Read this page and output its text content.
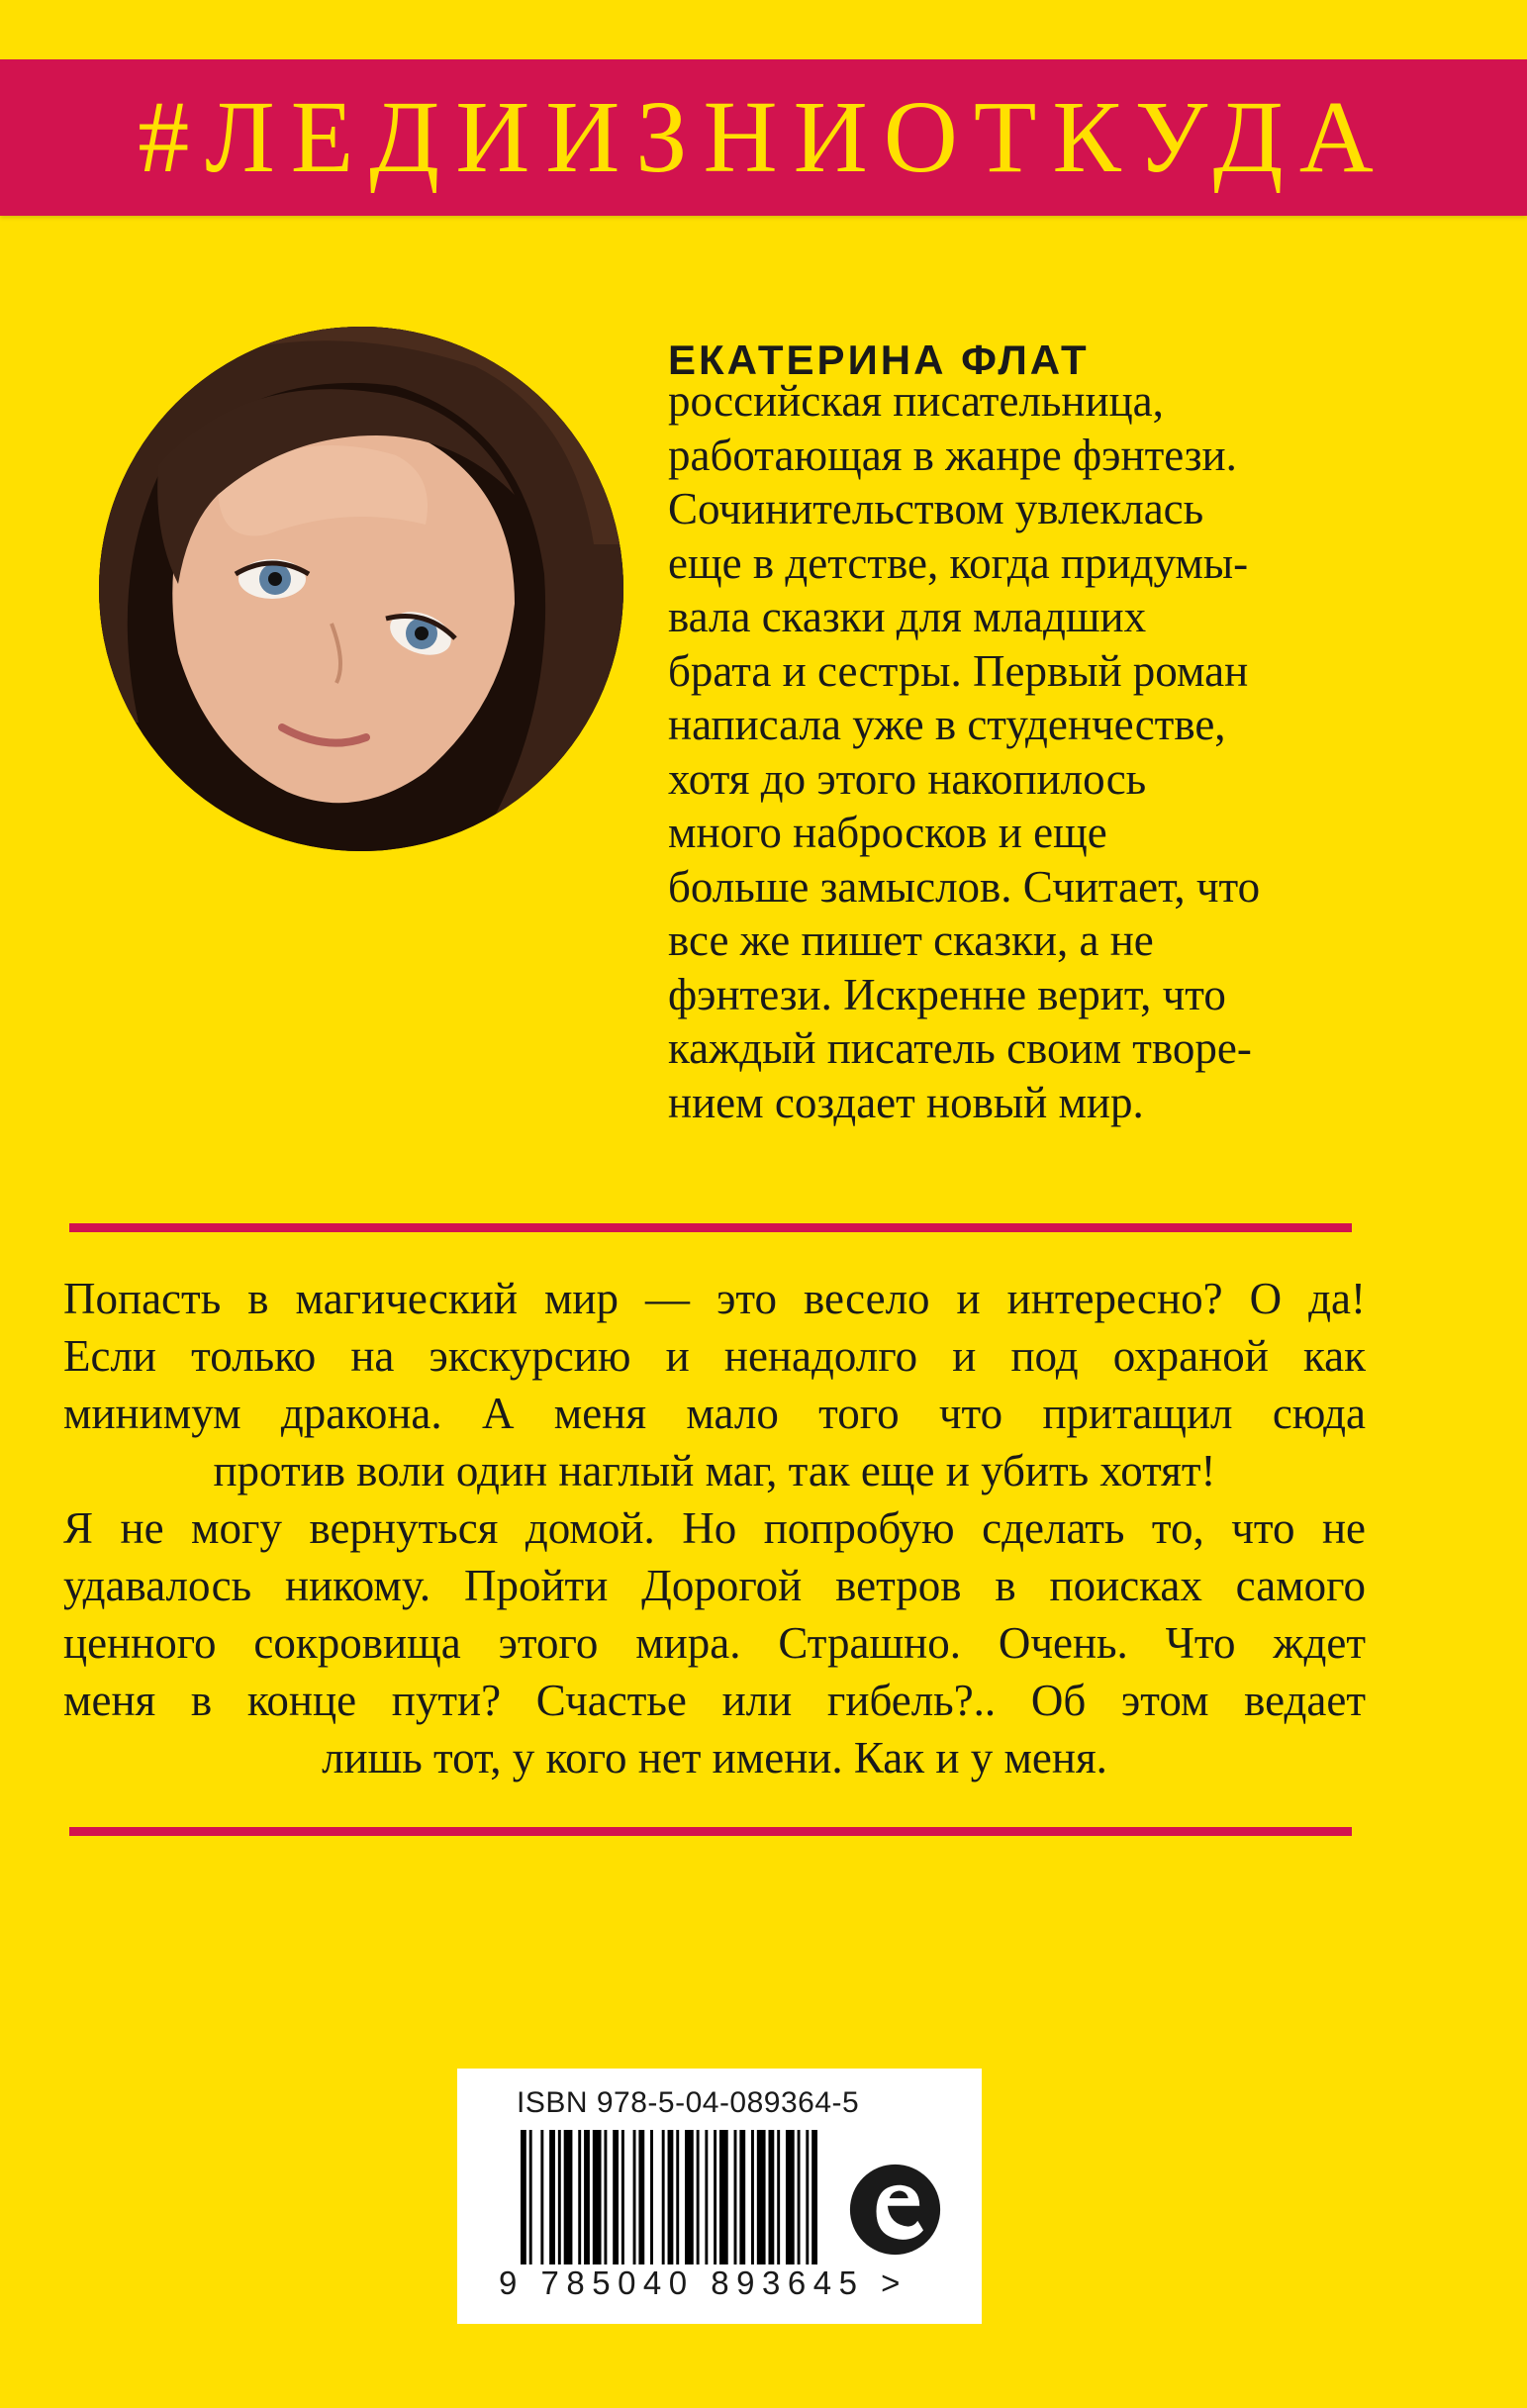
#ЛЕДИИЗНИОТКУДА
ЕКАТЕРИНА ФЛАТ
российская писательница,
работающая в жанре фэнтези.
Сочинительством увлеклась
еще в детстве, когда придумы-
вала сказки для младших
брата и сестры. Первый роман
написала уже в студенчестве,
хотя до этого накопилось
много набросков и еще
больше замыслов. Считает, что
все же пишет сказки, а не
фэнтези. Искренне верит, что
каждый писатель своим творе-
нием создает новый мир.
Попасть в магический мир — это весело и интересно? О да!
Если только на экскурсию и ненадолго и под охраной как
минимум дракона. А меня мало того что притащил сюда
против воли один наглый маг, так еще и убить хотят!
Я не могу вернуться домой. Но попробую сделать то, что не
удавалось никому. Пройти Дорогой ветров в поисках самого
ценного сокровища этого мира. Страшно. Очень. Что ждет
меня в конце пути? Счастье или гибель?.. Об этом ведает
лишь тот, у кого нет имени. Как и у меня.
ISBN 978-5-04-089364-5
9 785040 893645 >
